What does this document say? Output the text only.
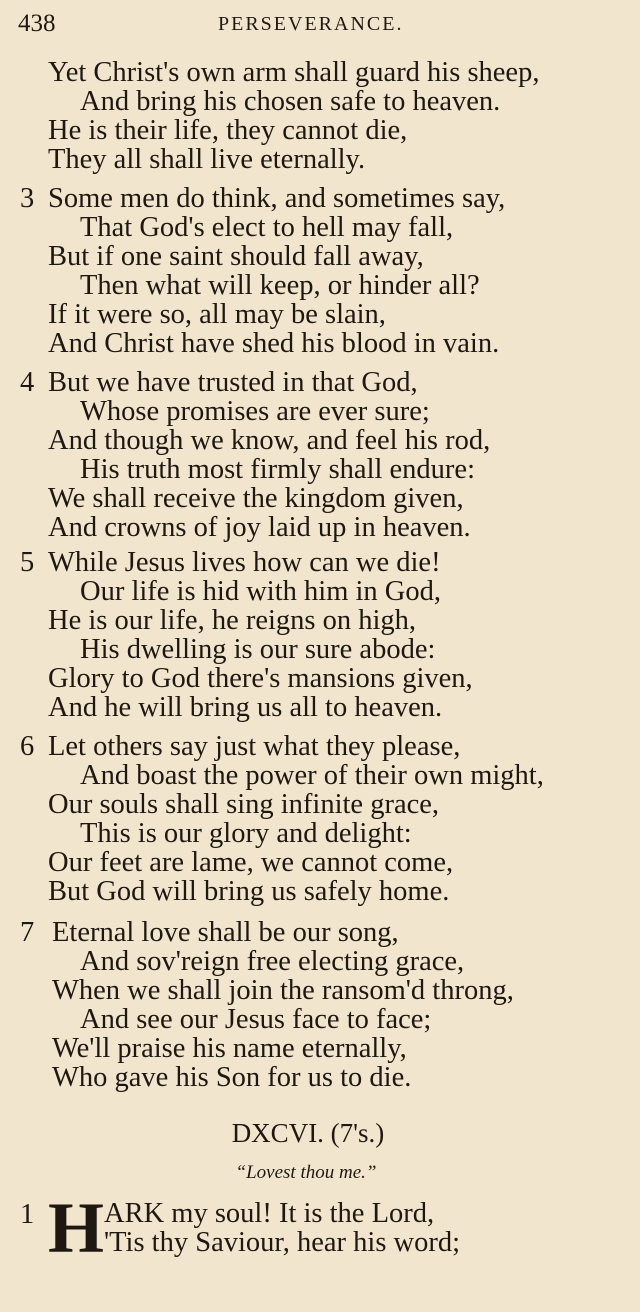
438	PERSEVERANCE.
Yet Christ's own arm shall guard his sheep,
And bring his chosen safe to heaven.
He is their life, they cannot die,
They all shall live eternally.
3 Some men do think, and sometimes say,
That God's elect to hell may fall,
But if one saint should fall away,
Then what will keep, or hinder all?
If it were so, all may be slain,
And Christ have shed his blood in vain.
4 But we have trusted in that God,
Whose promises are ever sure;
And though we know, and feel his rod,
His truth most firmly shall endure:
We shall receive the kingdom given,
And crowns of joy laid up in heaven.
5 While Jesus lives how can we die!
Our life is hid with him in God,
He is our life, he reigns on high,
His dwelling is our sure abode:
Glory to God there's mansions given,
And he will bring us all to heaven.
6 Let others say just what they please,
And boast the power of their own might,
Our souls shall sing infinite grace,
This is our glory and delight:
Our feet are lame, we cannot come,
But God will bring us safely home.
7 Eternal love shall be our song,
And sov'reign free electing grace,
When we shall join the ransom'd throng,
And see our Jesus face to face;
We'll praise his name eternally,
Who gave his Son for us to die.
DXCVI. (7's.)
“Lovest thou me.”
1 H ARK my soul! It is the Lord,
'Tis thy Saviour, hear his word;
